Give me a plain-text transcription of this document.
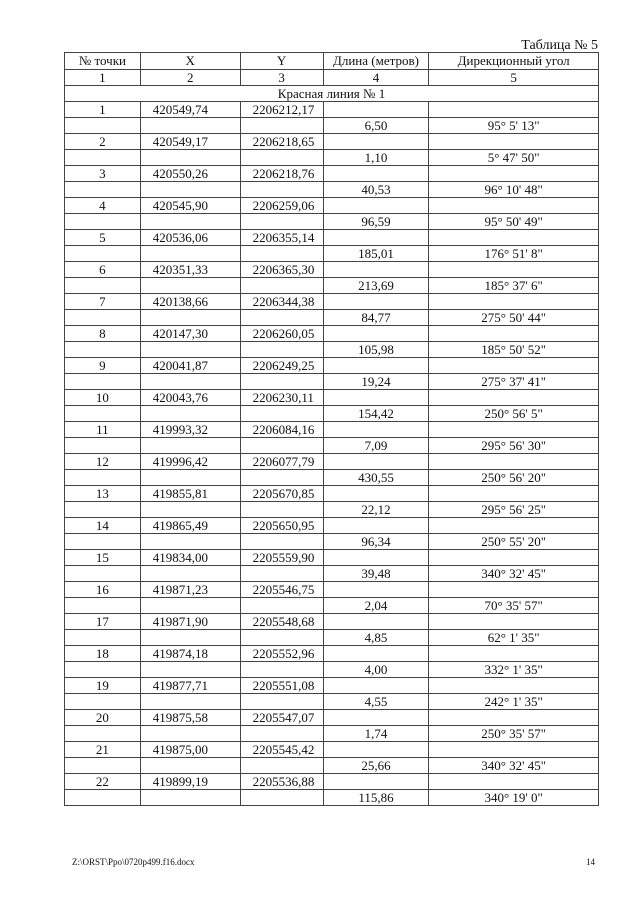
Таблица № 5
№ точки	X	Y	Длина (метров)	Дирекционный угол
1	2	3	4	5
Красная линия № 1				
1	420549,74	2206212,17		
			6,50	95° 5' 13"
2	420549,17	2206218,65		
			1,10	5° 47' 50"
3	420550,26	2206218,76		
			40,53	96° 10' 48"
4	420545,90	2206259,06		
			96,59	95° 50' 49"
5	420536,06	2206355,14		
			185,01	176° 51' 8"
6	420351,33	2206365,30		
			213,69	185° 37' 6"
7	420138,66	2206344,38		
			84,77	275° 50' 44"
8	420147,30	2206260,05		
			105,98	185° 50' 52"
9	420041,87	2206249,25		
			19,24	275° 37' 41"
10	420043,76	2206230,11		
			154,42	250° 56' 5"
11	419993,32	2206084,16		
			7,09	295° 56' 30"
12	419996,42	2206077,79		
			430,55	250° 56' 20"
13	419855,81	2205670,85		
			22,12	295° 56' 25"
14	419865,49	2205650,95		
			96,34	250° 55' 20"
15	419834,00	2205559,90		
			39,48	340° 32' 45"
16	419871,23	2205546,75		
			2,04	70° 35' 57"
17	419871,90	2205548,68		
			4,85	62° 1' 35"
18	419874,18	2205552,96		
			4,00	332° 1' 35"
19	419877,71	2205551,08		
			4,55	242° 1' 35"
20	419875,58	2205547,07		
			1,74	250° 35' 57"
21	419875,00	2205545,42		
			25,66	340° 32' 45"
22	419899,19	2205536,88		
			115,86	340° 19' 0"
Z:\ORST\Ppo\0720p499.f16.docx	14
